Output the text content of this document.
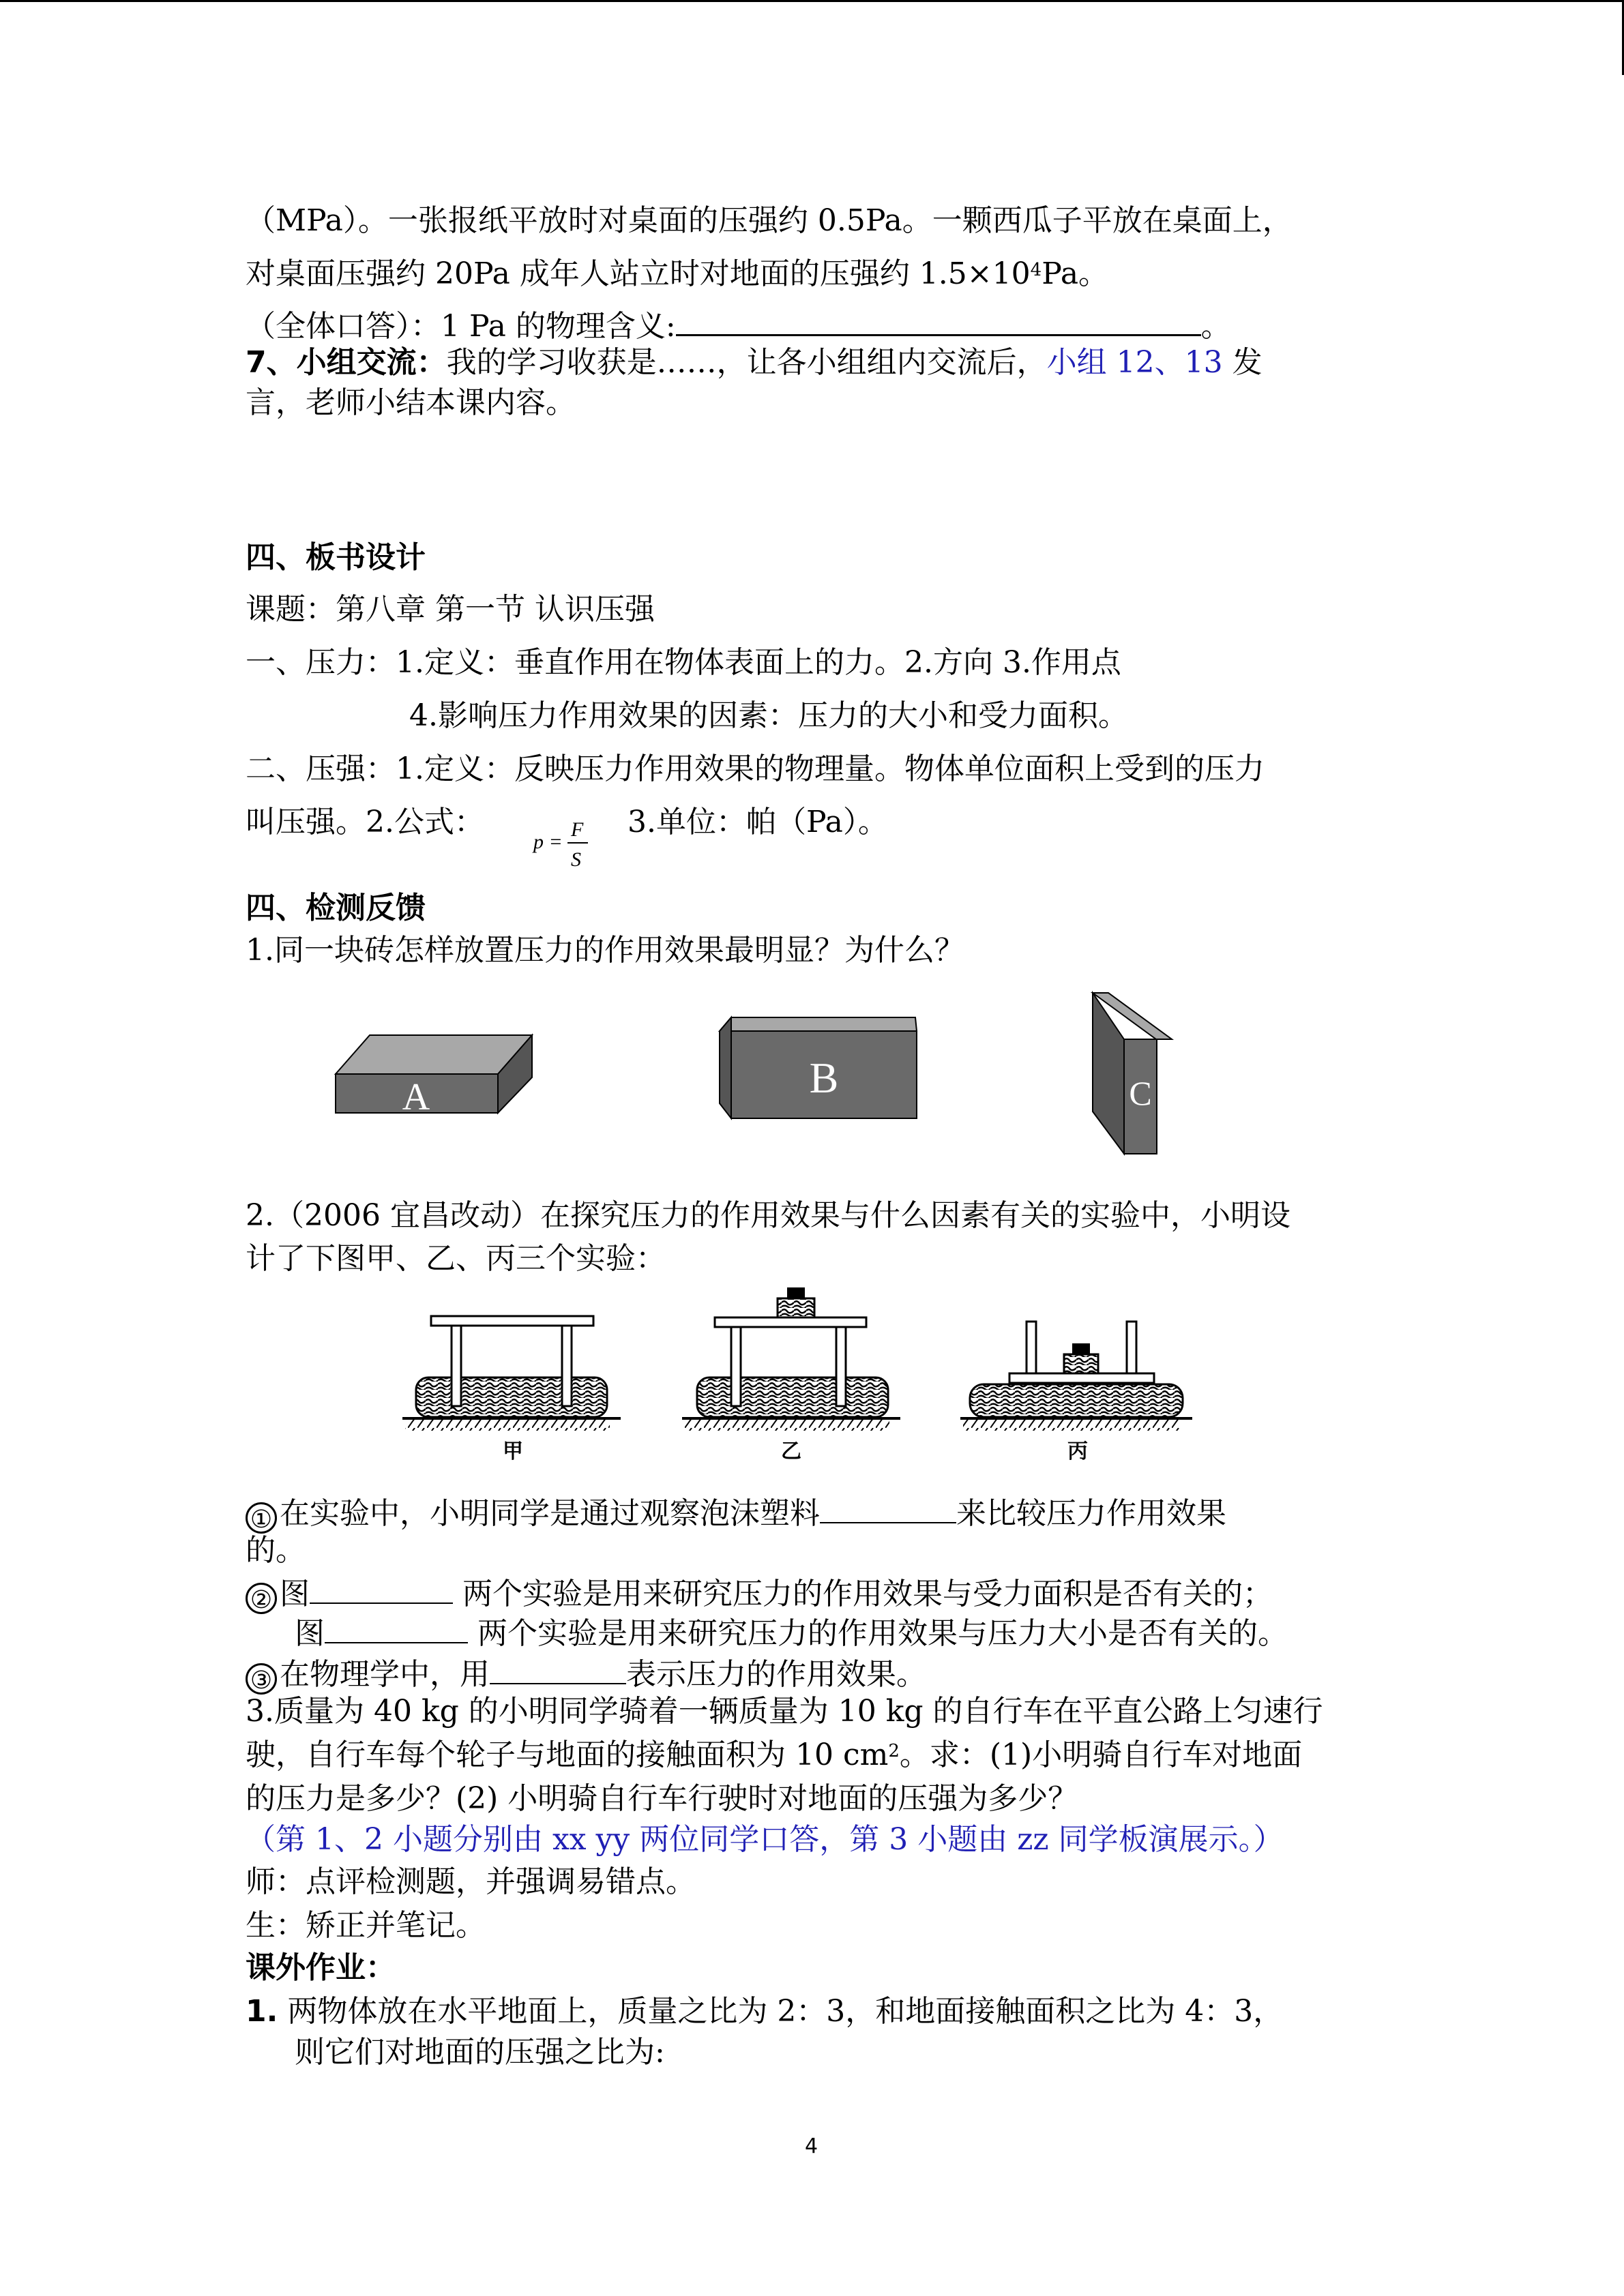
（MPa）。一张报纸平放时对桌面的压强约 0.5Pa。一颗西瓜子平放在桌面上，
对桌面压强约 20Pa 成年人站立时对地面的压强约 $1.5\times 10^4Pa$。
（全体口答）：1 Pa 的物理含义:	。
7、小组交流：我的学习收获是……，让各小组组内交流后，小组 12、13 发
言，老师小结本课内容。
四、板书设计
课题：第八章 第一节 认识压强
一、压力：1.定义：垂直作用在物体表面上的力。2.方向 3.作用点
4.影响压力作用效果的因素：压力的大小和受力面积。
二、压强：1.定义：反映压力作用效果的物理量。物体单位面积上受到的压力
叫压强。2.公式：
p =
F
S
3.单位：帕（Pa）。
四、检测反馈
1.同一块砖怎样放置压力的作用效果最明显？为什么？
A	B	C
2.（2006 宜昌改动）在探究压力的作用效果与什么因素有关的实验中，小明设
计了下图甲、乙、丙三个实验：
甲	乙	丙
① 在实验中，小明同学是通过观察泡沫塑料	来比较压力作用效果
的。
② 图	两个实验是用来研究压力的作用效果与受力面积是否有关的；
图	两个实验是用来研究压力的作用效果与压力大小是否有关的。
③ 在物理学中，用	表示压力的作用效果。
3.质量为 40 kg 的小明同学骑着一辆质量为 10 kg 的自行车在平直公路上匀速行
驶，自行车每个轮子与地面的接触面积为 10 $cm^2$。求：(1)小明骑自行车对地面
的压力是多少？(2) 小明骑自行车行驶时对地面的压强为多少？
（第 1、2 小题分别由 xx yy 两位同学口答，第 3 小题由 zz 同学板演展示。）
师：点评检测题，并强调易错点。
生：矫正并笔记。
课外作业：
1. 两物体放在水平地面上，质量之比为 2：3，和地面接触面积之比为 4：3，
则它们对地面的压强之比为:
4
